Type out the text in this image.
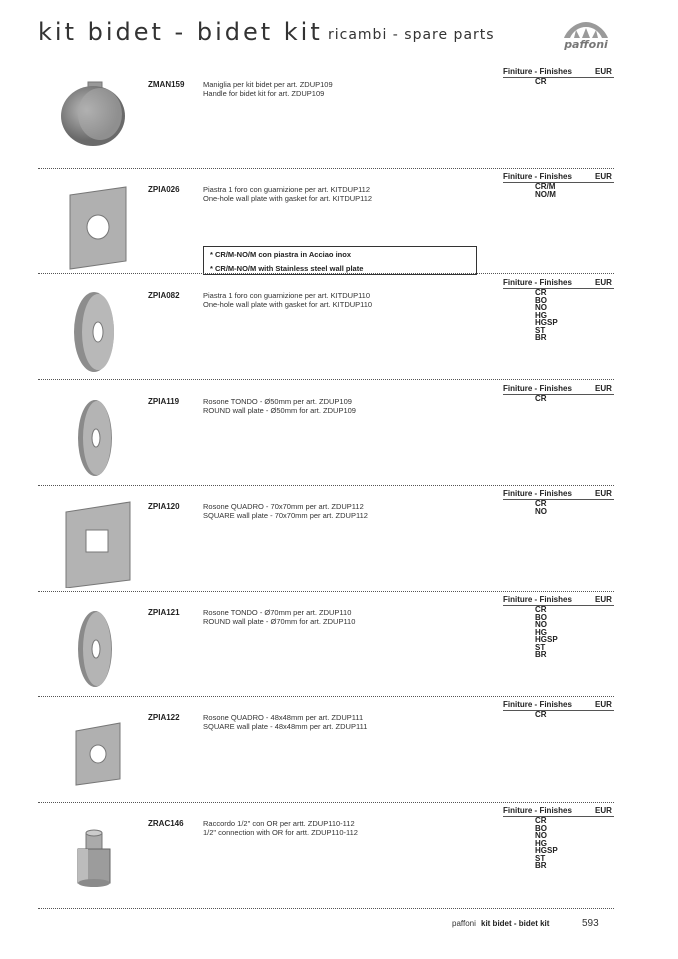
kit bidet - bidet kit ricambi - spare parts
paffoni
ZMAN159 Maniglia per kit bidet per art. ZDUP109
Handle for bidet kit for art. ZDUP109
Finiture - Finishes	EUR
CR
ZPIA026	Piastra 1 foro con guarnizione per art. KITDUP112
One-hole wall plate with gasket for art. KITDUP112
Finiture - Finishes	EUR
CR/M
NO/M
* CR/M-NO/M con piastra in Acciao inox
* CR/M-NO/M with Stainless steel wall plate
ZPIA082	Piastra 1 foro con guarnizione per art. KITDUP110
One-hole wall plate with gasket for art. KITDUP110
Finiture - Finishes	EUR
CR
BO
NO
HG
HGSP
ST
BR
ZPIA119	Rosone TONDO - Ø50mm per art. ZDUP109
ROUND wall plate - Ø50mm for art. ZDUP109
Finiture - Finishes	EUR
CR
ZPIA120	Rosone QUADRO - 70x70mm per art. ZDUP112
SQUARE wall plate - 70x70mm per art. ZDUP112
Finiture - Finishes	EUR
CR
NO
ZPIA121	Rosone TONDO - Ø70mm per art. ZDUP110
ROUND wall plate - Ø70mm for art. ZDUP110
Finiture - Finishes	EUR
CR
BO
NO
HG
HGSP
ST
BR
ZPIA122	Rosone QUADRO - 48x48mm per art. ZDUP111
SQUARE wall plate - 48x48mm per art. ZDUP111
Finiture - Finishes	EUR
CR
ZRAC146	Raccordo 1/2" con OR per artt. ZDUP110-112
1/2" connection with OR for artt. ZDUP110-112
Finiture - Finishes	EUR
CR
BO
NO
HG
HGSP
ST
BR
paffoni kit bidet - bidet kit	593
